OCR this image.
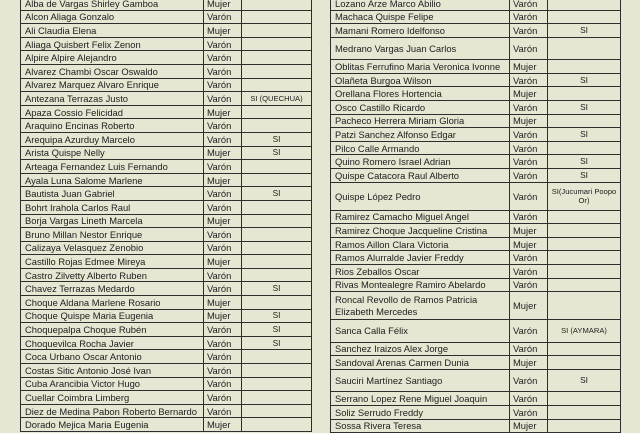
Alba de Vargas Shirley Gamboa	Mujer	
Alcon Aliaga Gonzalo	Varón	
Ali Claudia Elena	Mujer	
Aliaga Quisbert Felix Zenon	Varón	
Alpire Alpire Alejandro	Varón	
Alvarez Chambi Oscar Oswaldo	Varón	
Alvarez Marquez Alvaro Enrique	Varón	
Antezana Terrazas Justo	Varón	SI (QUECHUA)
Apaza Cossio Felicidad	Mujer	
Araquino Encinas Roberto	Varón	
Arequipa Azurduy Marcelo	Varón	SI
Arista Quispe Nelly	Mujer	SI
Arteaga Fernandez Luis Fernando	Varón	
Ayala Luna Salome Marlene	Mujer	
Bautista Juan Gabriel	Varón	SI
Bohrt Irahola Carlos Raul	Varón	
Borja Vargas Lineth Marcela	Mujer	
Bruno Millan Nestor Enrique	Varón	
Calizaya Velasquez Zenobio	Varón	
Castillo Rojas Edmee Mireya	Mujer	
Castro Zilvetty Alberto Ruben	Varón	
Chavez Terrazas Medardo	Varón	SI
Choque Aldana Marlene Rosario	Mujer	
Choque Quispe Maria Eugenia	Mujer	SI
Choquepalpa Choque Rubén	Varón	SI
Choquevilca Rocha Javier	Varón	SI
Coca Urbano Oscar Antonio	Varón	
Costas Sitic Antonio José Ivan	Varón	
Cuba Arancibia Victor Hugo	Varón	
Cuellar Coimbra Limberg	Varón	
Diez de Medina Pabon Roberto Bernardo	Varón	
Dorado Mejica Maria Eugenia	Mujer	
Lozano Arze Marco Abilio	Varón	
Machaca Quispe Felipe	Varón	
Mamani Romero Idelfonso	Varón	SI
Medrano Vargas Juan Carlos	Varón	
Oblitas Ferrufino Maria Veronica Ivonne	Mujer	
Olañeta Burgoa Wilson	Varón	SI
Orellana Flores Hortencia	Mujer	
Osco Castillo Ricardo	Varón	SI
Pacheco Herrera Miriam Gloria	Mujer	
Patzi Sanchez Alfonso Edgar	Varón	SI
Pilco Calle Armando	Varón	
Quino Romero Israel Adrian	Varón	SI
Quispe Catacora Raul Alberto	Varón	SI
Quispe López Pedro	Varón	SI(Jucumari Poopo Or)
Ramirez Camacho Miguel Angel	Varón	
Ramirez Choque Jacqueline Cristina	Mujer	
Ramos Aillon Clara Victoria	Mujer	
Ramos Alurralde Javier Freddy	Varón	
Rios Zeballos Oscar	Varón	
Rivas Montealegre Ramiro Abelardo	Varón	
Roncal Revollo de Ramos Patricia Elizabeth Mercedes	Mujer	
Sanca Calla Félix	Varón	SI (AYMARA)
Sanchez Iraizos Alex Jorge	Varón	
Sandoval Arenas Carmen Dunia	Mujer	
Sauciri Martínez Santiago	Varón	SI
Serrano Lopez Rene Miguel Joaquin	Varón	
Soliz Serrudo Freddy	Varón	
Sossa Rivera Teresa	Mujer	
